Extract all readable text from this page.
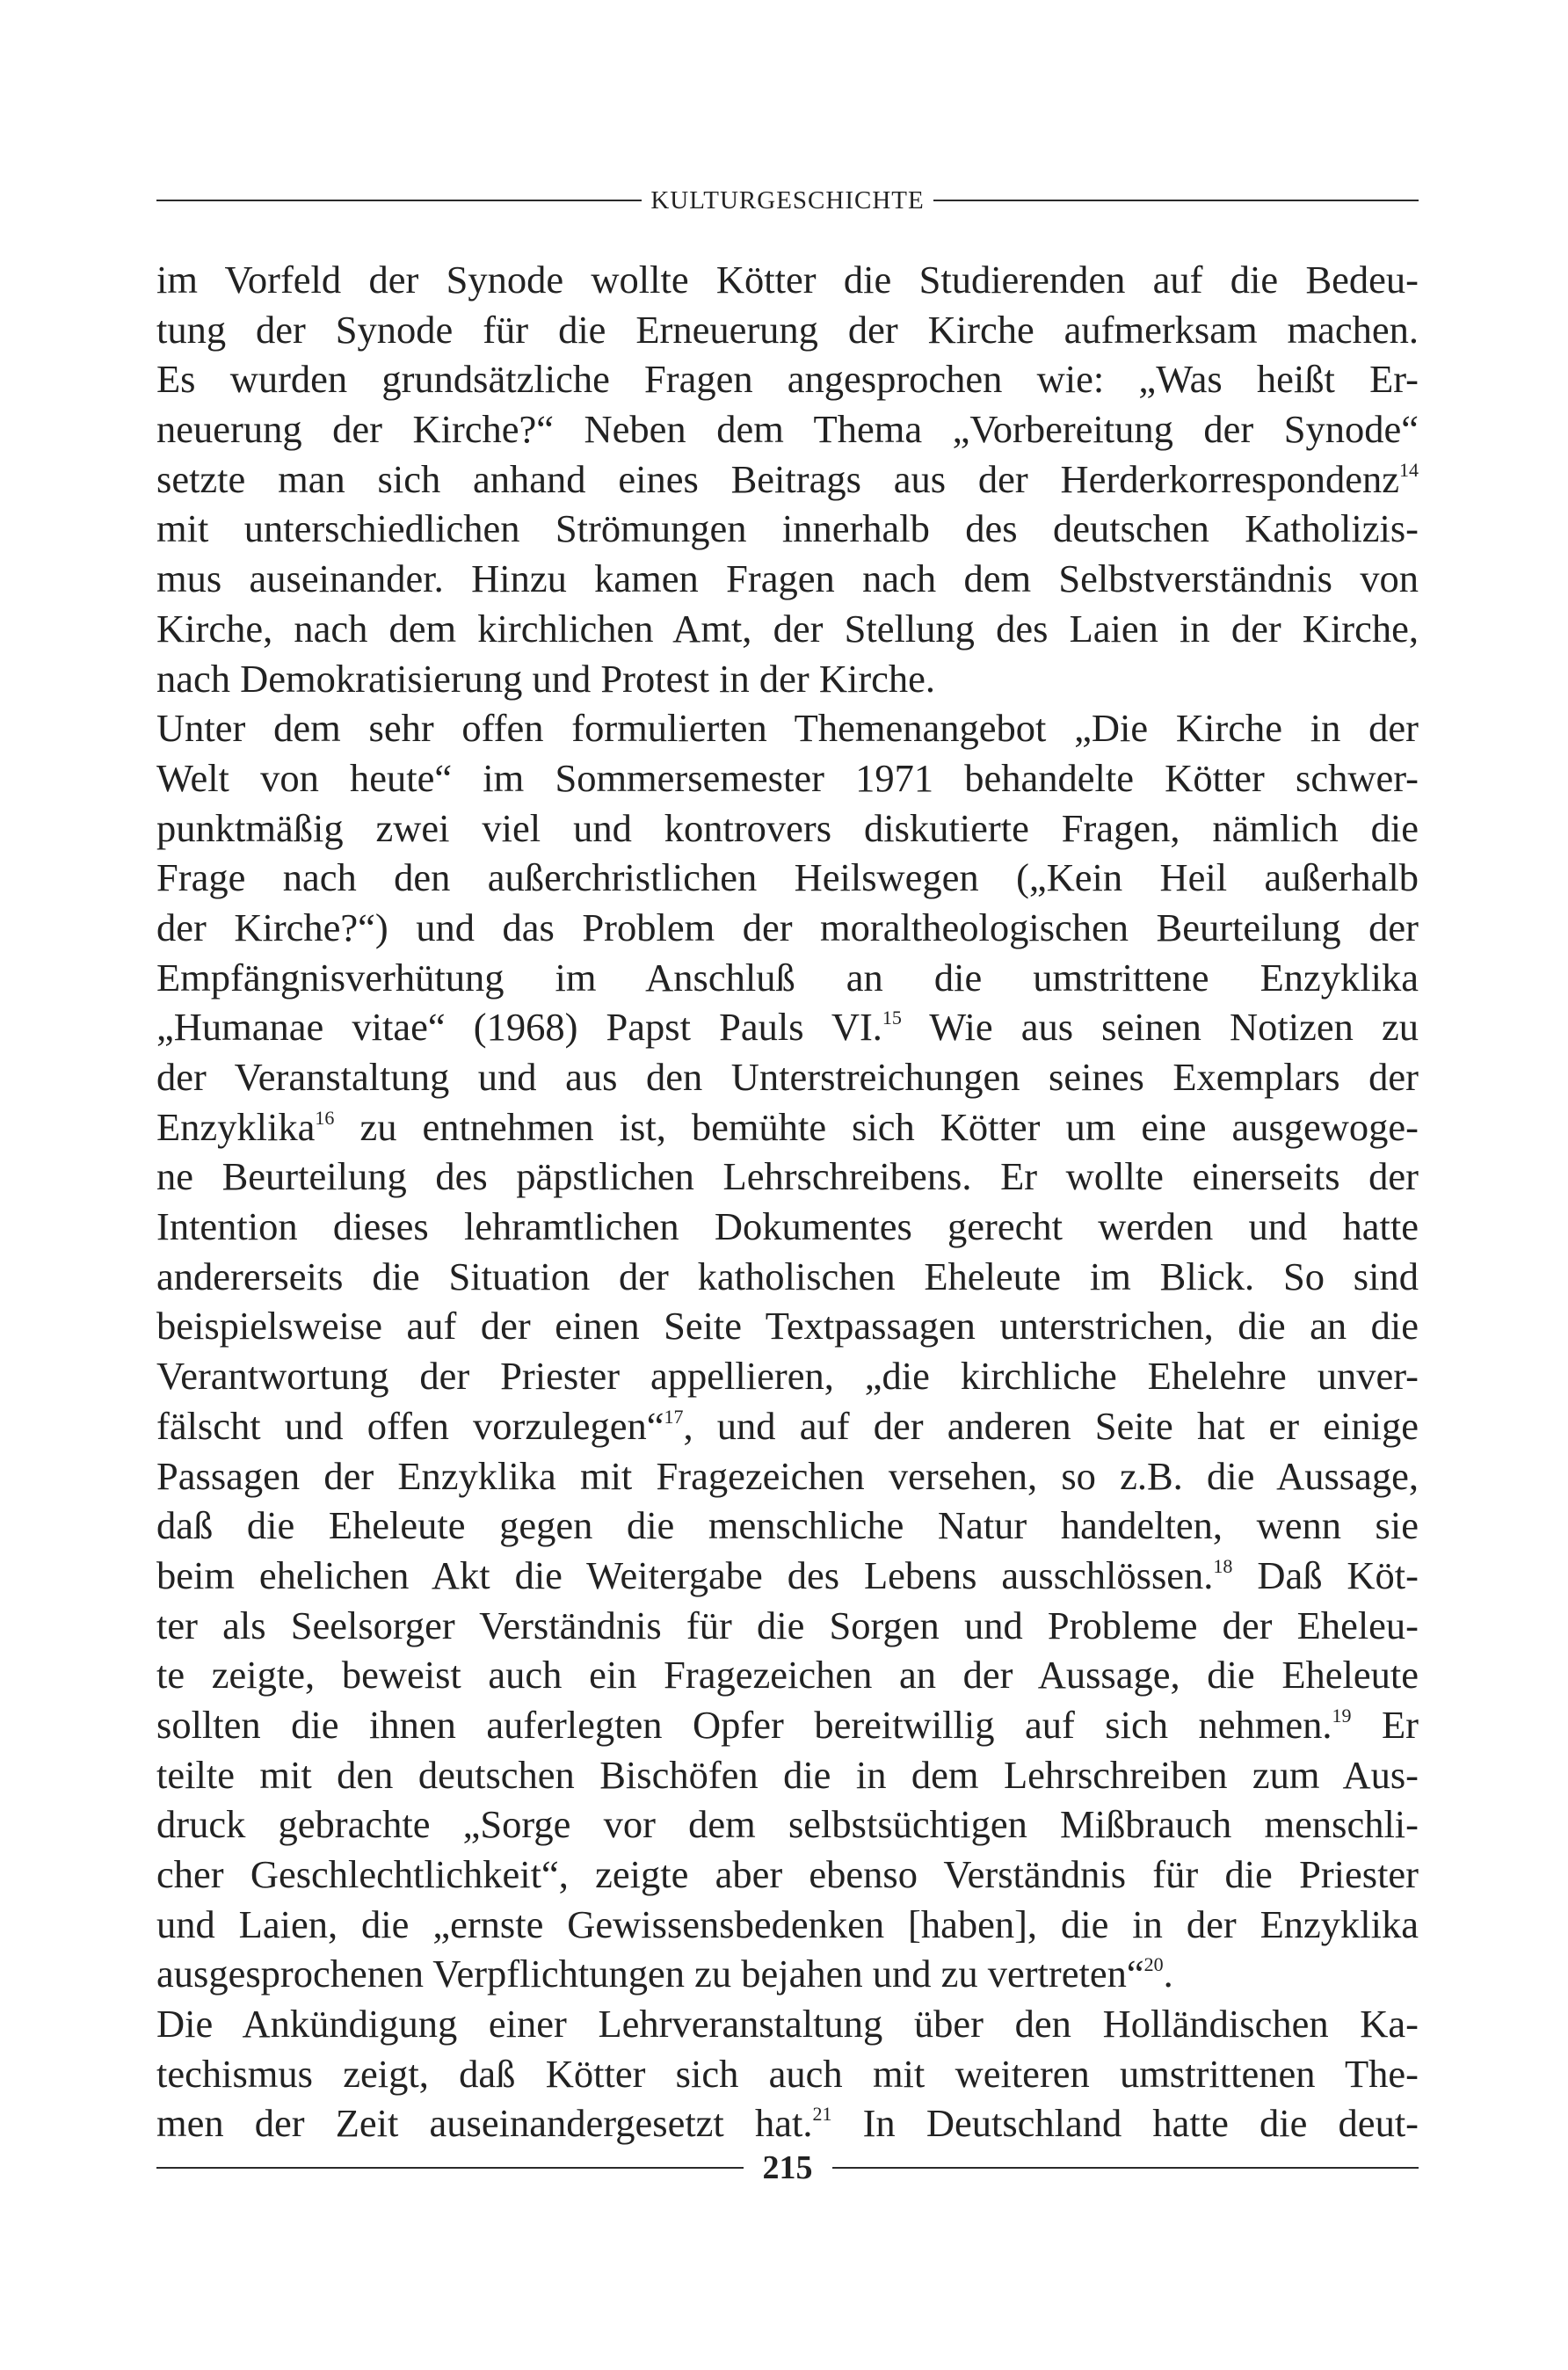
KULTURGESCHICHTE
im Vorfeld der Synode wollte Kötter die Studierenden auf die Bedeu-
tung der Synode für die Erneuerung der Kirche aufmerksam machen.
Es wurden grundsätzliche Fragen angesprochen wie: „Was heißt Er-
neuerung der Kirche?“ Neben dem Thema „Vorbereitung der Synode“
setzte man sich anhand eines Beitrags aus der Herderkorrespondenz$^{14}$
mit unterschiedlichen Strömungen innerhalb des deutschen Katholizis-
mus auseinander. Hinzu kamen Fragen nach dem Selbstverständnis von
Kirche, nach dem kirchlichen Amt, der Stellung des Laien in der Kirche,
nach Demokratisierung und Protest in der Kirche.
Unter dem sehr offen formulierten Themenangebot „Die Kirche in der
Welt von heute“ im Sommersemester 1971 behandelte Kötter schwer-
punktmäßig zwei viel und kontrovers diskutierte Fragen, nämlich die
Frage nach den außerchristlichen Heilswegen („Kein Heil außerhalb
der Kirche?“) und das Problem der moraltheologischen Beurteilung der
Empfängnisverhütung im Anschluß an die umstrittene Enzyklika
„Humanae vitae“ (1968) Papst Pauls VI.$^{15}$ Wie aus seinen Notizen zu
der Veranstaltung und aus den Unterstreichungen seines Exemplars der
Enzyklika$^{16}$ zu entnehmen ist, bemühte sich Kötter um eine ausgewoge-
ne Beurteilung des päpstlichen Lehrschreibens. Er wollte einerseits der
Intention dieses lehramtlichen Dokumentes gerecht werden und hatte
andererseits die Situation der katholischen Eheleute im Blick. So sind
beispielsweise auf der einen Seite Textpassagen unterstrichen, die an die
Verantwortung der Priester appellieren, „die kirchliche Ehelehre unver-
fälscht und offen vorzulegen“$^{17}$, und auf der anderen Seite hat er einige
Passagen der Enzyklika mit Fragezeichen versehen, so z.B. die Aussage,
daß die Eheleute gegen die menschliche Natur handelten, wenn sie
beim ehelichen Akt die Weitergabe des Lebens ausschlössen.$^{18}$ Daß Köt-
ter als Seelsorger Verständnis für die Sorgen und Probleme der Eheleu-
te zeigte, beweist auch ein Fragezeichen an der Aussage, die Eheleute
sollten die ihnen auferlegten Opfer bereitwillig auf sich nehmen.$^{19}$ Er
teilte mit den deutschen Bischöfen die in dem Lehrschreiben zum Aus-
druck gebrachte „Sorge vor dem selbstsüchtigen Mißbrauch menschli-
cher Geschlechtlichkeit“, zeigte aber ebenso Verständnis für die Priester
und Laien, die „ernste Gewissensbedenken [haben], die in der Enzyklika
ausgesprochenen Verpflichtungen zu bejahen und zu vertreten“$^{20}$.
Die Ankündigung einer Lehrveranstaltung über den Holländischen Ka-
techismus zeigt, daß Kötter sich auch mit weiteren umstrittenen The-
men der Zeit auseinandergesetzt hat.$^{21}$ In Deutschland hatte die deut-
215
